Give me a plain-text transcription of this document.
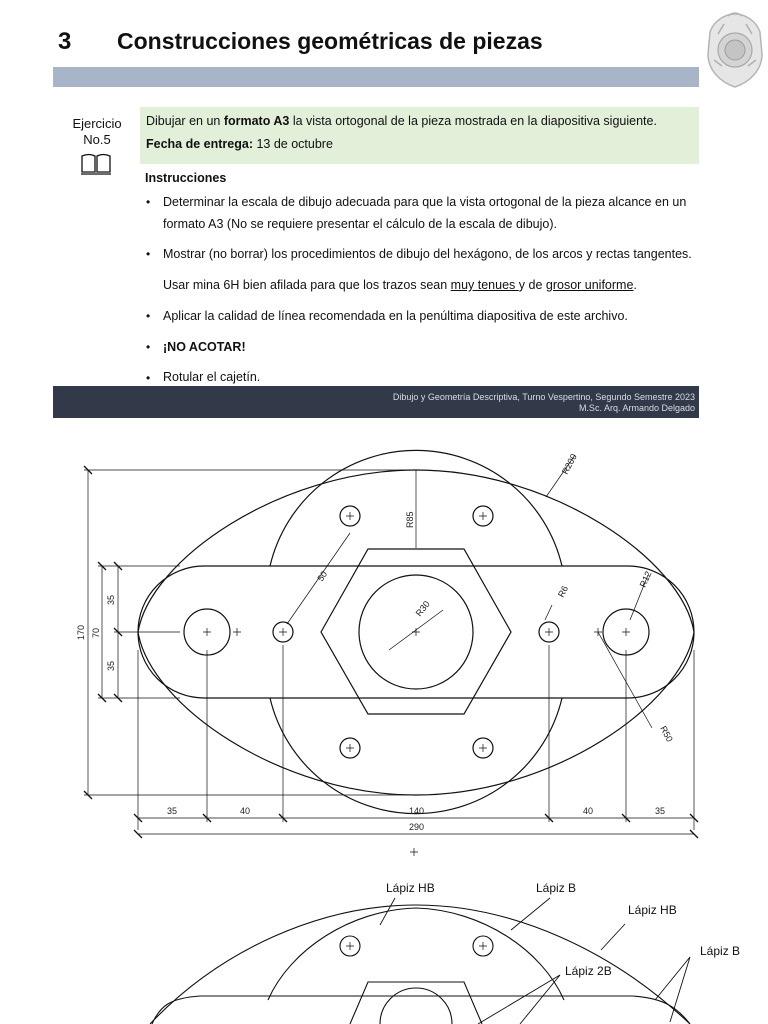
3 Construcciones geométricas de piezas
Ejercicio
No.5

Dibujar en un formato A3 la vista ortogonal de la pieza mostrada en la diapositiva siguiente.

Fecha de entrega: 13 de octubre

Instrucciones
• Determinar la escala de dibujo adecuada para que la vista ortogonal de la pieza alcance en un
formato A3 (No se requiere presentar el cálculo de la escala de dibujo).
• Mostrar (no borrar) los procedimientos de dibujo del hexágono, de los arcos y rectas tangentes.
Usar mina 6H bien afilada para que los trazos sean muy tenues y de grosor uniforme.
• Aplicar la calidad de línea recomendada en la penúltima diapositiva de este archivo.
• ¡NO ACOTAR!
• Rotular el cajetín.
Dibujo y Geometría Descriptiva, Turno Vespertino, Segundo Semestre 2023
M.Sc. Arq. Armando Delgado
R200
R85
50
R30
R6
R12
R50
170 70
35
35
35	40	140	40	35
290
Lápiz HB	Lápiz B
Lápiz HB
Lápiz B
Lápiz 2B
